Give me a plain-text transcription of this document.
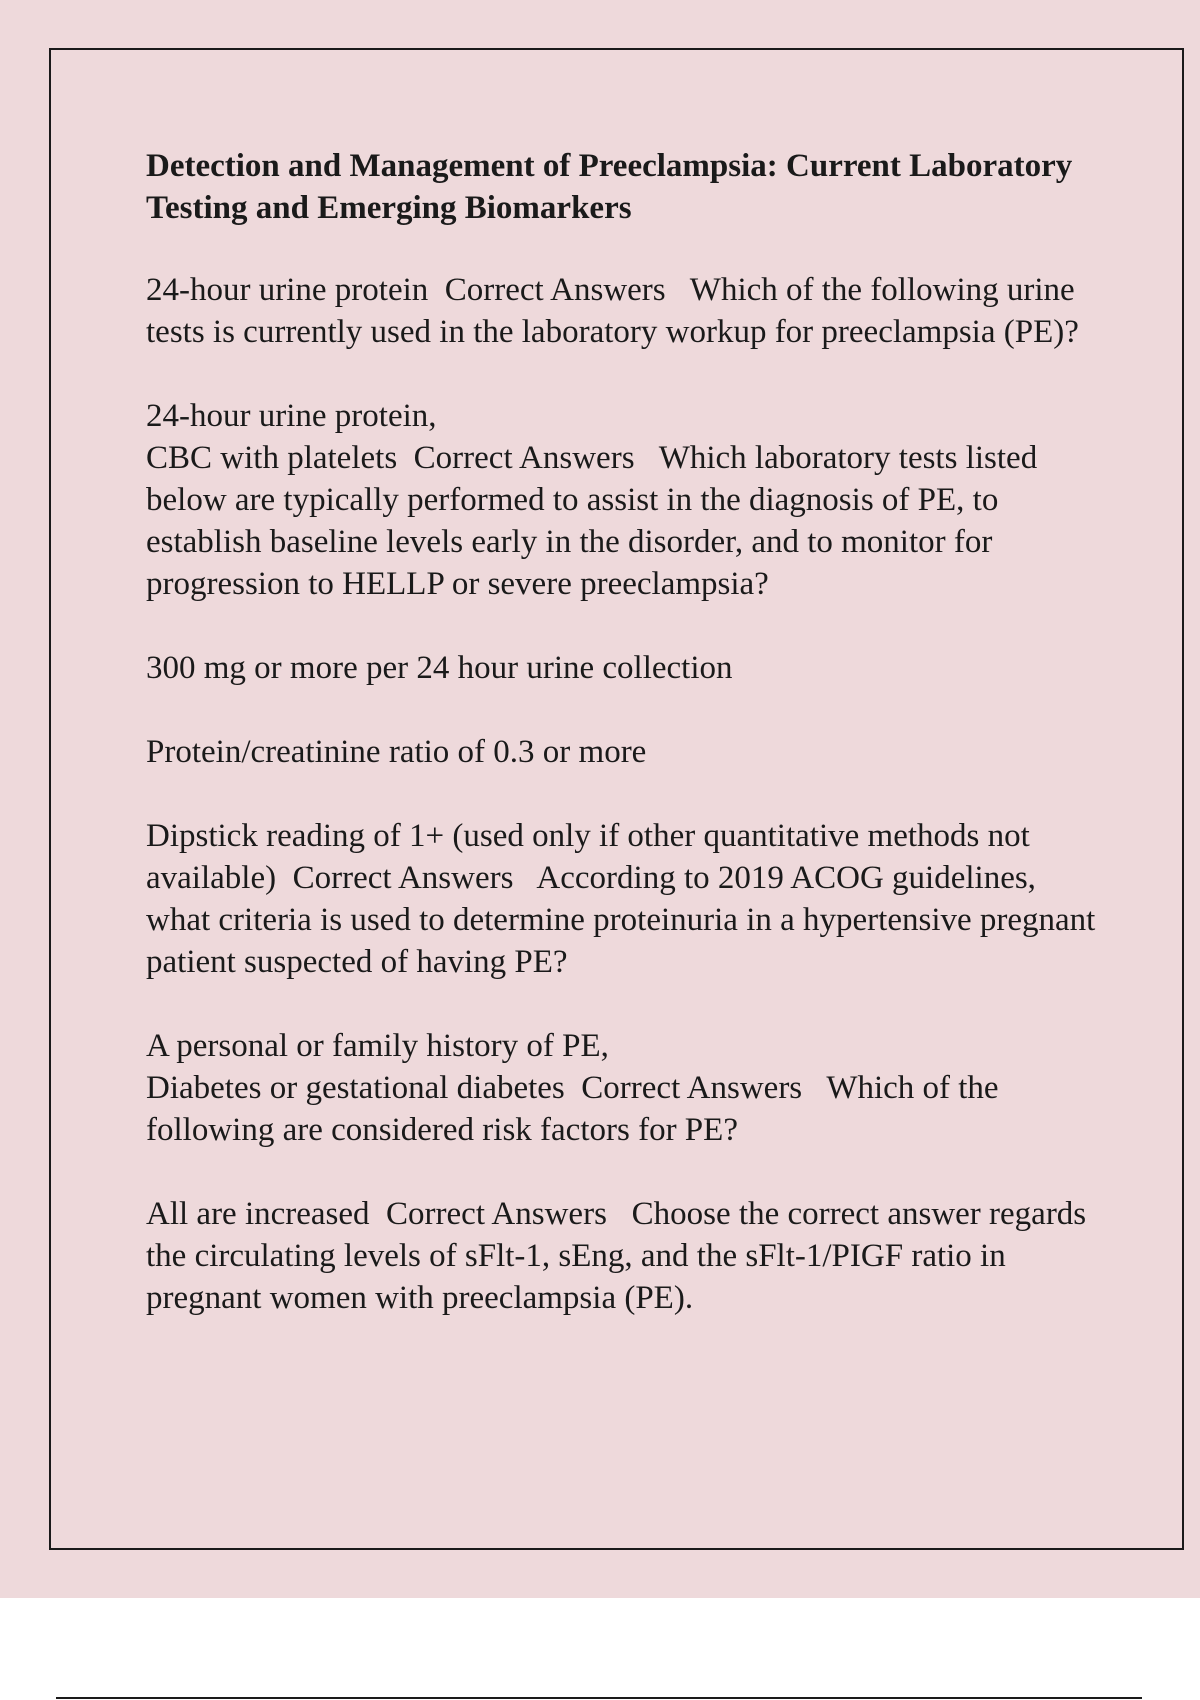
Detection and Management of Preeclampsia: Current Laboratory Testing and Emerging Biomarkers
24-hour urine protein Correct Answers Which of the following urine tests is currently used in the laboratory workup for preeclampsia (PE)?
24-hour urine protein,
CBC with platelets Correct Answers Which laboratory tests listed below are typically performed to assist in the diagnosis of PE, to establish baseline levels early in the disorder, and to monitor for progression to HELLP or severe preeclampsia?
300 mg or more per 24 hour urine collection
Protein/creatinine ratio of 0.3 or more
Dipstick reading of 1+ (used only if other quantitative methods not available) Correct Answers According to 2019 ACOG guidelines, what criteria is used to determine proteinuria in a hypertensive pregnant patient suspected of having PE?
A personal or family history of PE,
Diabetes or gestational diabetes Correct Answers Which of the following are considered risk factors for PE?
All are increased Correct Answers Choose the correct answer regards the circulating levels of sFlt-1, sEng, and the sFlt-1/PIGF ratio in pregnant women with preeclampsia (PE).
